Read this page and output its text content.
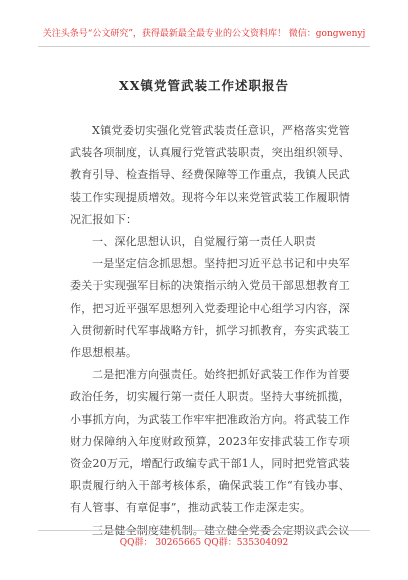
关注头条号“公文研究”，获得最新最全最专业的公文资料库！ 微信：gongwenyj
XX镇党管武装工作述职报告

X镇党委切实强化党管武装责任意识，严格落实党管武装各项制度，认真履行党管武装职责，突出组织领导、教育引导、检查指导、经费保障等工作重点，我镇人民武装工作实现提质增效。现将今年以来党管武装工作履职情况汇报如下：

一、深化思想认识，自觉履行第一责任人职责

一是坚定信念抓思想。坚持把习近平总书记和中央军委关于实现强军目标的决策指示纳入党员干部思想教育工作，把习近平强军思想列入党委理论中心组学习内容，深入贯彻新时代军事战略方针，抓学习抓教育，夯实武装工作思想根基。

二是把准方向强责任。始终把抓好武装工作作为首要政治任务，切实履行第一责任人职责。坚持大事统抓揽，小事抓方向，为武装工作牢牢把准政治方向。将武装工作财力保障纳入年度财政预算，2023年安排武装工作专项资金20万元，增配行政编专武干部1人，同时把党管武装职责履行纳入干部考核体系，确保武装工作“有钱办事、有人管事、有章促事”，推动武装工作走深走实。

三是健全制度建机制。建立健全党委会定期议武会议

QQ群： 30265665 QQ群：535304092
